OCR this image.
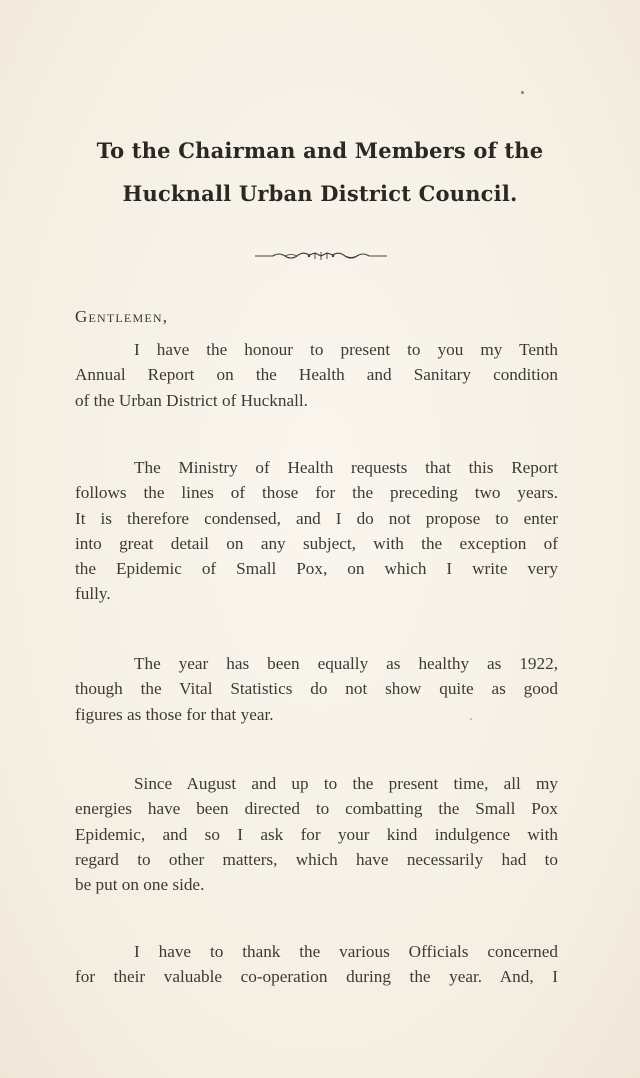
To the Chairman and Members of the
Hucknall Urban District Council.
Gentlemen,
I have the honour to present to you my Tenth
Annual Report on the Health and Sanitary condition
of the Urban District of Hucknall.
The Ministry of Health requests that this Report
follows the lines of those for the preceding two years.
It is therefore condensed, and I do not propose to enter
into great detail on any subject, with the exception of
the Epidemic of Small Pox, on which I write very
fully.
The year has been equally as healthy as 1922,
though the Vital Statistics do not show quite as good
figures as those for that year.
Since August and up to the present time, all my
energies have been directed to combatting the Small Pox
Epidemic, and so I ask for your kind indulgence with
regard to other matters, which have necessarily had to
be put on one side.
I have to thank the various Officials concerned
for their valuable co-operation during the year. And, I
